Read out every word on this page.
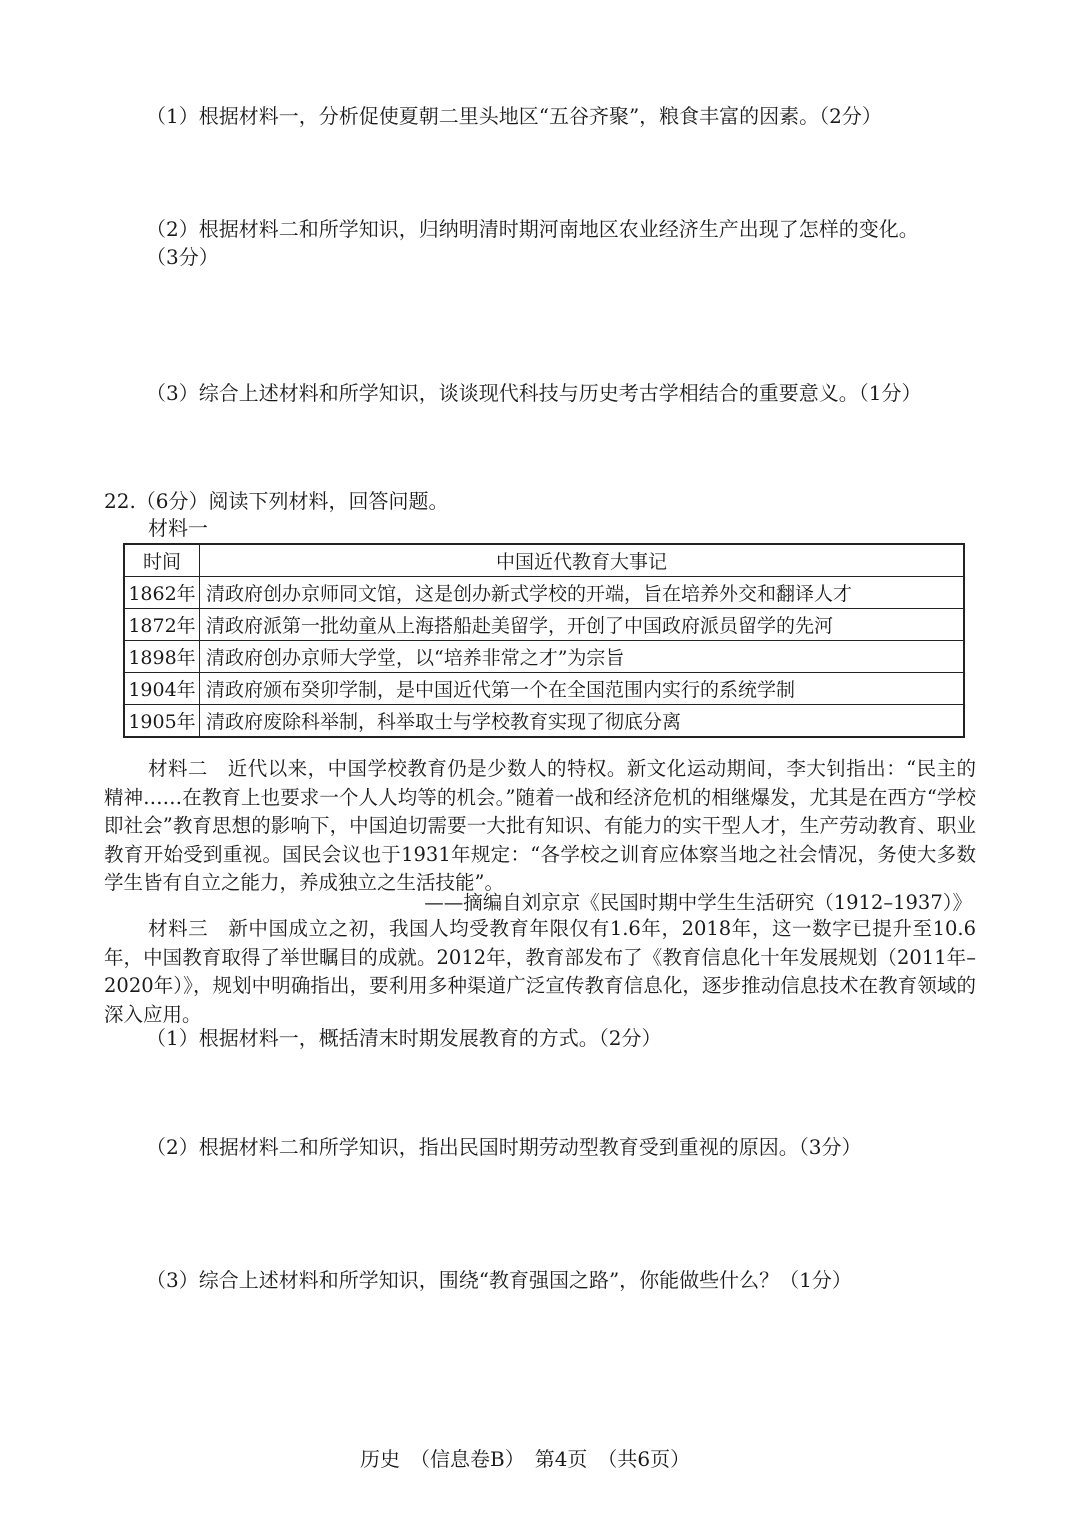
（1）根据材料一，分析促使夏朝二里头地区“五谷齐聚”，粮食丰富的因素。（2分）
（2）根据材料二和所学知识，归纳明清时期河南地区农业经济生产出现了怎样的变化。
（3分）
（3）综合上述材料和所学知识，谈谈现代科技与历史考古学相结合的重要意义。（1分）
22.（6分）阅读下列材料，回答问题。
材料一
时间	中国近代教育大事记
1862年	清政府创办京师同文馆，这是创办新式学校的开端，旨在培养外交和翻译人才
1872年	清政府派第一批幼童从上海搭船赴美留学，开创了中国政府派员留学的先河
1898年	清政府创办京师大学堂，以“培养非常之才”为宗旨
1904年	清政府颁布癸卯学制，是中国近代第一个在全国范围内实行的系统学制
1905年	清政府废除科举制，科举取士与学校教育实现了彻底分离
材料二　近代以来，中国学校教育仍是少数人的特权。新文化运动期间，李大钊指出：“民主的精神……在教育上也要求一个人人均等的机会。”随着一战和经济危机的相继爆发，尤其是在西方“学校即社会”教育思想的影响下，中国迫切需要一大批有知识、有能力的实干型人才，生产劳动教育、职业教育开始受到重视。国民会议也于1931年规定：“各学校之训育应体察当地之社会情况，务使大多数学生皆有自立之能力，养成独立之生活技能”。
——摘编自刘京京《民国时期中学生生活研究（1912–1937）》
材料三　新中国成立之初，我国人均受教育年限仅有1.6年，2018年，这一数字已提升至10.6年，中国教育取得了举世瞩目的成就。2012年，教育部发布了《教育信息化十年发展规划（2011年–2020年）》，规划中明确指出，要利用多种渠道广泛宣传教育信息化，逐步推动信息技术在教育领域的深入应用。
（1）根据材料一，概括清末时期发展教育的方式。（2分）
（2）根据材料二和所学知识，指出民国时期劳动型教育受到重视的原因。（3分）
（3）综合上述材料和所学知识，围绕“教育强国之路”，你能做些什么？（1分）
历史　（信息卷B）　第4页　（共6页）
